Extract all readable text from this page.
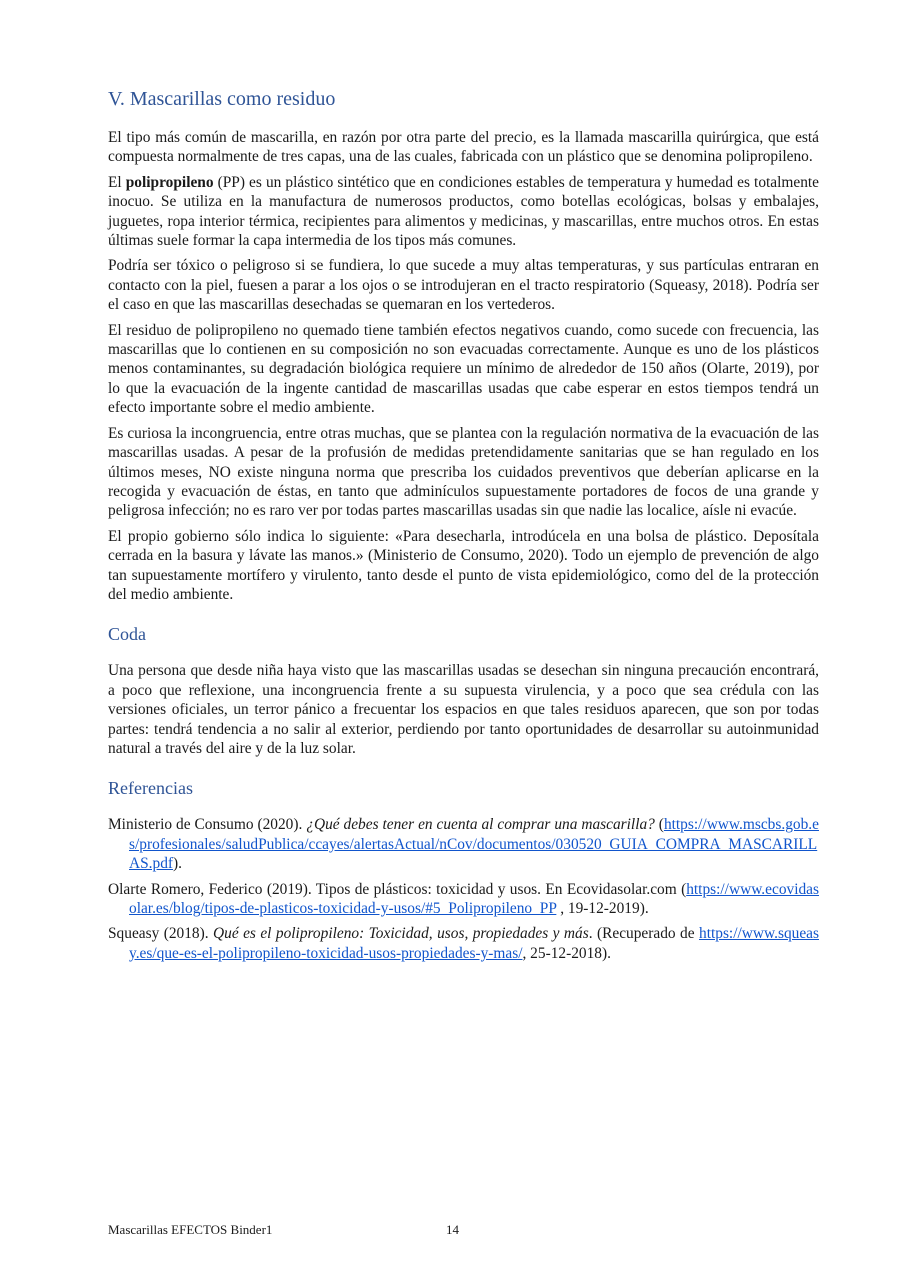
V. Mascarillas como residuo

El tipo más común de mascarilla, en razón por otra parte del precio, es la llamada mascarilla quirúrgica, que está compuesta normalmente de tres capas, una de las cuales, fabricada con un plástico que se denomina polipropileno.

El polipropileno (PP) es un plástico sintético que en condiciones estables de temperatura y humedad es totalmente inocuo. Se utiliza en la manufactura de numerosos productos, como botellas ecológicas, bolsas y embalajes, juguetes, ropa interior térmica, recipientes para alimentos y medicinas, y mascarillas, entre muchos otros. En estas últimas suele formar la capa intermedia de los tipos más comunes.

Podría ser tóxico o peligroso si se fundiera, lo que sucede a muy altas temperaturas, y sus partículas entraran en contacto con la piel, fuesen a parar a los ojos o se introdujeran en el tracto respiratorio (Squeasy, 2018). Podría ser el caso en que las mascarillas desechadas se quemaran en los vertederos.

El residuo de polipropileno no quemado tiene también efectos negativos cuando, como sucede con frecuencia, las mascarillas que lo contienen en su composición no son evacuadas correctamente. Aunque es uno de los plásticos menos contaminantes, su degradación biológica requiere un mínimo de alrededor de 150 años (Olarte, 2019), por lo que la evacuación de la ingente cantidad de mascarillas usadas que cabe esperar en estos tiempos tendrá un efecto importante sobre el medio ambiente.

Es curiosa la incongruencia, entre otras muchas, que se plantea con la regulación normativa de la evacuación de las mascarillas usadas. A pesar de la profusión de medidas pretendidamente sanitarias que se han regulado en los últimos meses, NO existe ninguna norma que prescriba los cuidados preventivos que deberían aplicarse en la recogida y evacuación de éstas, en tanto que adminículos supuestamente portadores de focos de una grande y peligrosa infección; no es raro ver por todas partes mascarillas usadas sin que nadie las localice, aísle ni evacúe.

El propio gobierno sólo indica lo siguiente: «Para desecharla, introdúcela en una bolsa de plástico. Deposítala cerrada en la basura y lávate las manos.» (Ministerio de Consumo, 2020). Todo un ejemplo de prevención de algo tan supuestamente mortífero y virulento, tanto desde el punto de vista epidemiológico, como del de la protección del medio ambiente.

Coda

Una persona que desde niña haya visto que las mascarillas usadas se desechan sin ninguna precaución encontrará, a poco que reflexione, una incongruencia frente a su supuesta virulencia, y a poco que sea crédula con las versiones oficiales, un terror pánico a frecuentar los espacios en que tales residuos aparecen, que son por todas partes: tendrá tendencia a no salir al exterior, perdiendo por tanto oportunidades de desarrollar su autoinmunidad natural a través del aire y de la luz solar.

Referencias

Ministerio de Consumo (2020). ¿Qué debes tener en cuenta al comprar una mascarilla? (https://www.mscbs.gob.es/profesionales/saludPublica/ccayes/alertasActual/nCov/documentos/030520_GUIA_COMPRA_MASCARILLAS.pdf).

Olarte Romero, Federico (2019). Tipos de plásticos: toxicidad y usos. En Ecovidasolar.com (https://www.ecovidasolar.es/blog/tipos-de-plasticos-toxicidad-y-usos/#5_Polipropileno_PP , 19-12-2019).

Squeasy (2018). Qué es el polipropileno: Toxicidad, usos, propiedades y más. (Recuperado de https://www.squeasy.es/que-es-el-polipropileno-toxicidad-usos-propiedades-y-mas/, 25-12-2018).

Mascarillas EFECTOS Binder1	14
